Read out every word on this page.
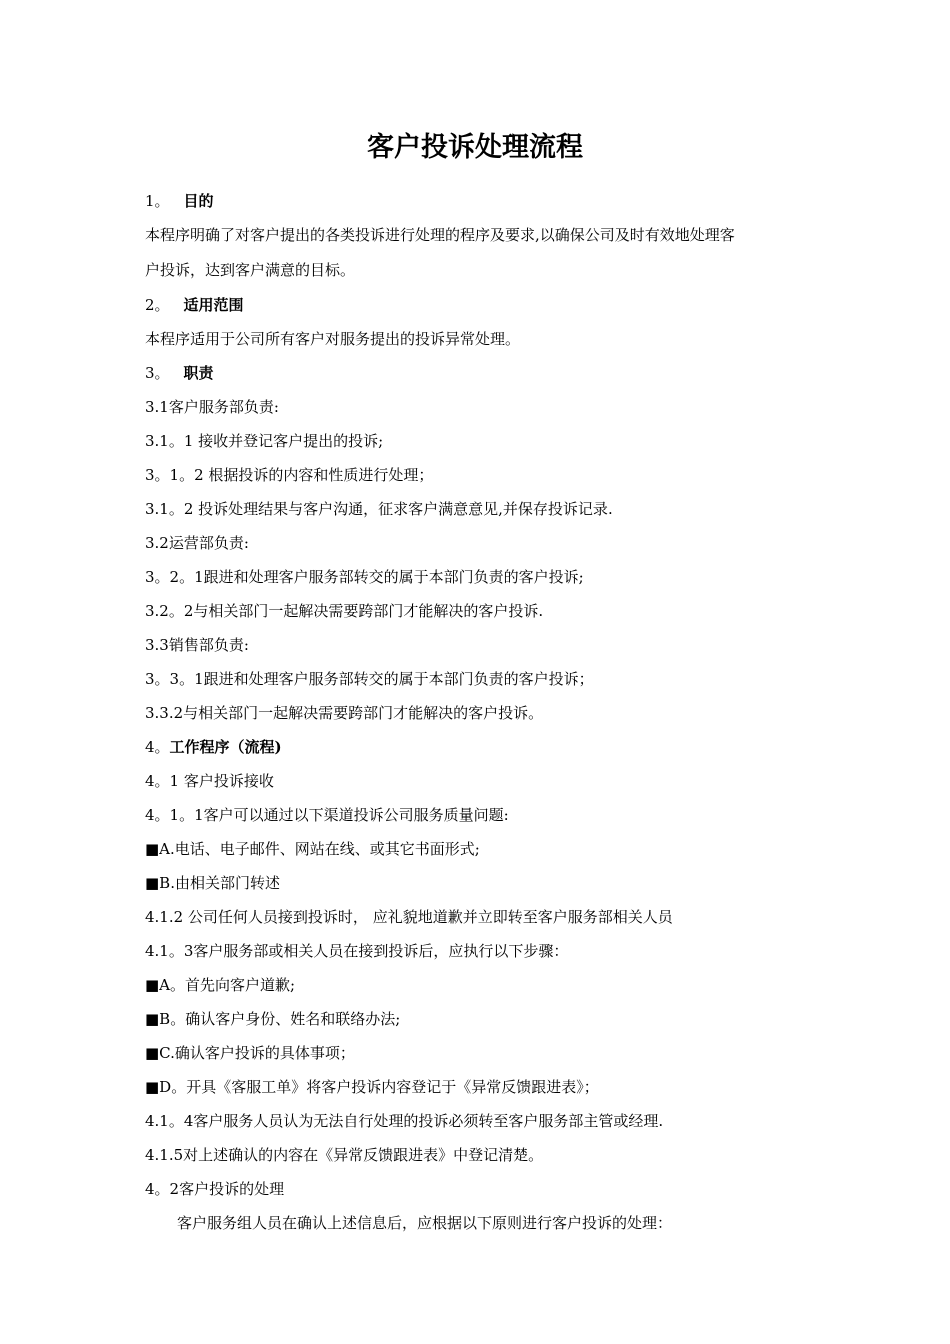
客户投诉处理流程
1。 目的
本程序明确了对客户提出的各类投诉进行处理的程序及要求,以确保公司及时有效地处理客
户投诉，达到客户满意的目标。
2。 适用范围
本程序适用于公司所有客户对服务提出的投诉异常处理。
3。 职责
3.1客户服务部负责:
3.1。1 接收并登记客户提出的投诉;
3。1。2 根据投诉的内容和性质进行处理；
3.1。2 投诉处理结果与客户沟通，征求客户满意意见,并保存投诉记录.
3.2运营部负责:
3。2。1跟进和处理客户服务部转交的属于本部门负责的客户投诉;
3.2。2与相关部门一起解决需要跨部门才能解决的客户投诉.
3.3销售部负责:
3。3。1跟进和处理客户服务部转交的属于本部门负责的客户投诉；
3.3.2与相关部门一起解决需要跨部门才能解决的客户投诉。
4。工作程序（流程)
4。1 客户投诉接收
4。1。1客户可以通过以下渠道投诉公司服务质量问题:
■A.电话、电子邮件、网站在线、或其它书面形式;
■B.由相关部门转述
4.1.2 公司任何人员接到投诉时， 应礼貌地道歉并立即转至客户服务部相关人员
4.1。3客户服务部或相关人员在接到投诉后，应执行以下步骤：
■A。首先向客户道歉;
■B。确认客户身份、姓名和联络办法;
■C.确认客户投诉的具体事项；
■D。开具《客服工单》将客户投诉内容登记于《异常反馈跟进表》；
4.1。4客户服务人员认为无法自行处理的投诉必须转至客户服务部主管或经理.
4.1.5对上述确认的内容在《异常反馈跟进表》中登记清楚。
4。2客户投诉的处理
客户服务组人员在确认上述信息后，应根据以下原则进行客户投诉的处理：
